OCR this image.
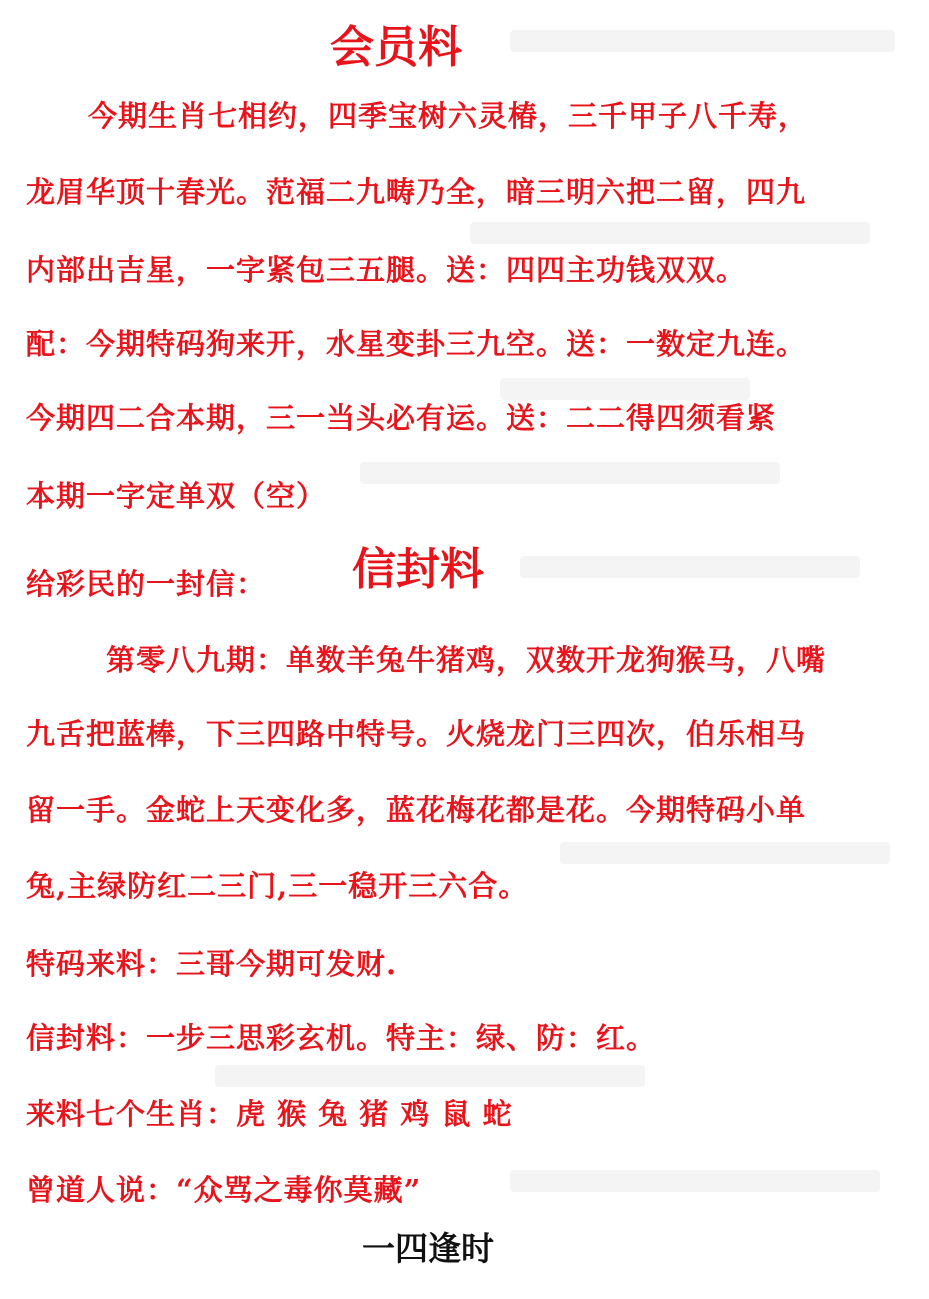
会员料
今期生肖七相约，四季宝树六灵椿，三千甲子八千寿，
龙眉华顶十春光。范福二九畴乃全，暗三明六把二留，四九
内部出吉星，一字紧包三五腿。送：四四主功钱双双。
配：今期特码狗来开，水星变卦三九空。送：一数定九连。
今期四二合本期，三一当头必有运。送：二二得四须看紧
本期一字定单双（空）
给彩民的一封信： 信封料
第零八九期：单数羊兔牛猪鸡，双数开龙狗猴马，八嘴
九舌把蓝棒，下三四路中特号。火烧龙门三四次，伯乐相马
留一手。金蛇上天变化多，蓝花梅花都是花。今期特码小单
兔,主绿防红二三门,三一稳开三六合。
特码来料：三哥今期可发财.
信封料：一步三思彩玄机。特主：绿、防：红。
来料七个生肖：虎 猴 兔 猪 鸡 鼠 蛇
曾道人说：“众骂之毒你莫藏”
一四逢时
